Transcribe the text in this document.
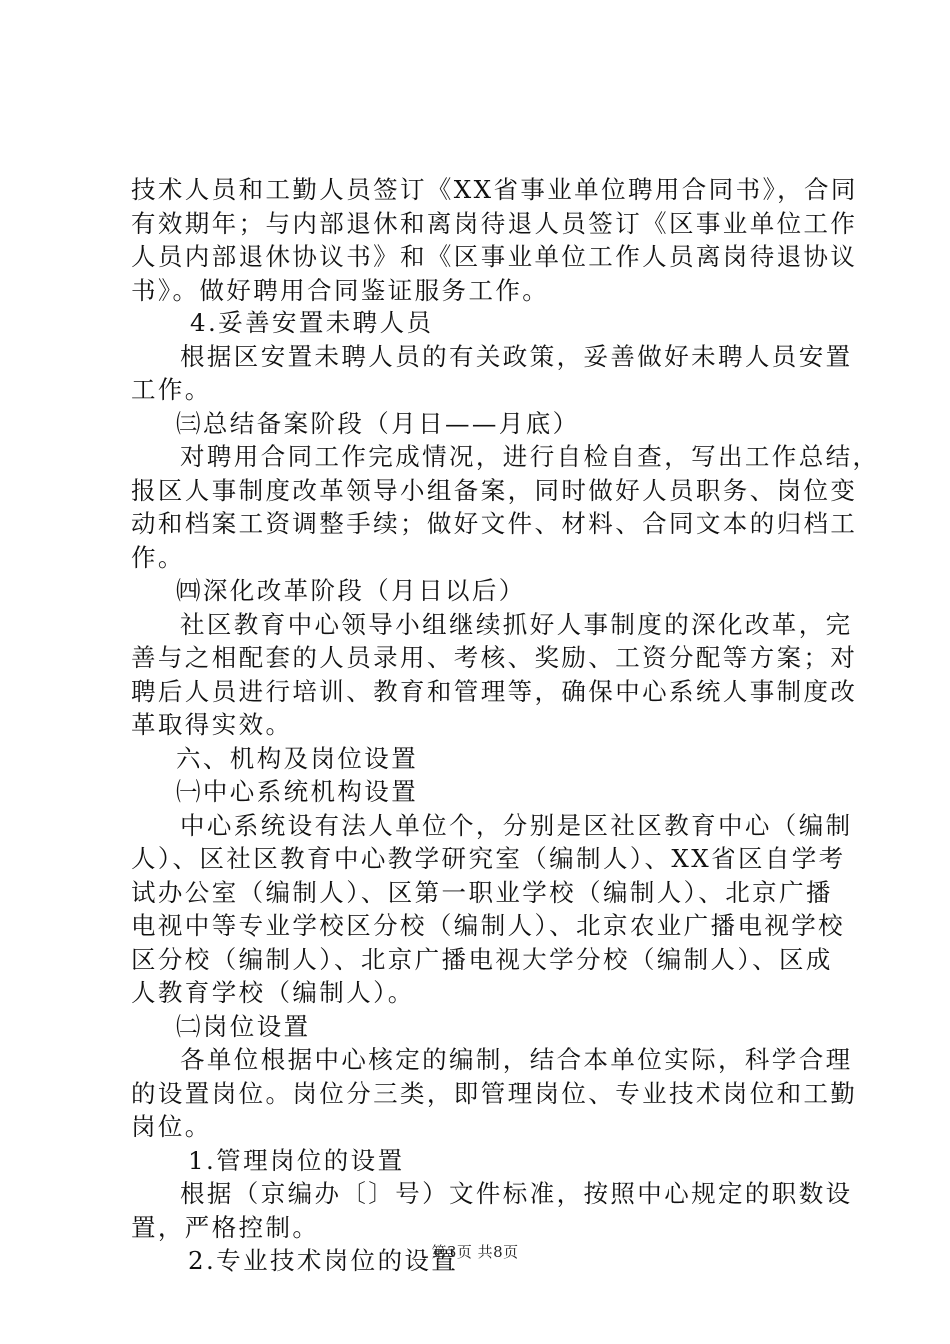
技术人员和工勤人员签订《XX省事业单位聘用合同书》，合同
有效期年；与内部退休和离岗待退人员签订《区事业单位工作
人员内部退休协议书》和《区事业单位工作人员离岗待退协议
书》。做好聘用合同鉴证服务工作。
4.妥善安置未聘人员
根据区安置未聘人员的有关政策，妥善做好未聘人员安置
工作。
㈢总结备案阶段（月日——月底）
对聘用合同工作完成情况，进行自检自查，写出工作总结，
报区人事制度改革领导小组备案，同时做好人员职务、岗位变
动和档案工资调整手续；做好文件、材料、合同文本的归档工
作。
㈣深化改革阶段（月日以后）
社区教育中心领导小组继续抓好人事制度的深化改革，完
善与之相配套的人员录用、考核、奖励、工资分配等方案；对
聘后人员进行培训、教育和管理等，确保中心系统人事制度改
革取得实效。
六、机构及岗位设置
㈠中心系统机构设置
中心系统设有法人单位个，分别是区社区教育中心（编制
人）、区社区教育中心教学研究室（编制人）、XX省区自学考
试办公室（编制人）、区第一职业学校（编制人）、北京广播
电视中等专业学校区分校（编制人）、北京农业广播电视学校
区分校（编制人）、北京广播电视大学分校（编制人）、区成
人教育学校（编制人）。
㈡岗位设置
各单位根据中心核定的编制，结合本单位实际，科学合理
的设置岗位。岗位分三类，即管理岗位、专业技术岗位和工勤
岗位。
1.管理岗位的设置
根据（京编办〔〕号）文件标准，按照中心规定的职数设
置，严格控制。
2.专业技术岗位的设置
第3页 共8页
